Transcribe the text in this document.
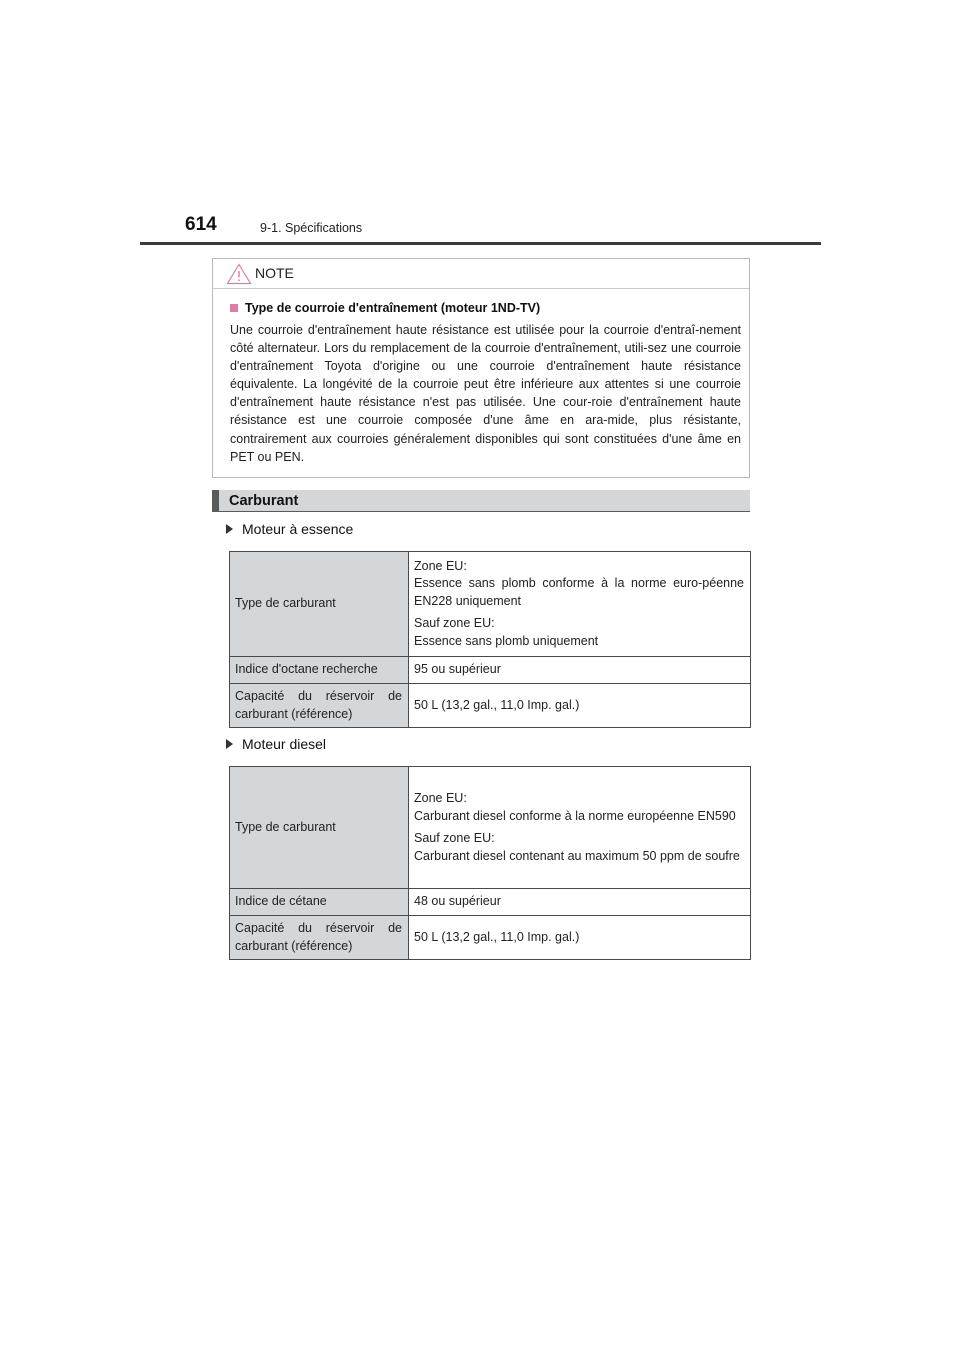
614	9-1. Spécifications
NOTE
Type de courroie d'entraînement (moteur 1ND-TV)
Une courroie d'entraînement haute résistance est utilisée pour la courroie d'entraî-nement côté alternateur. Lors du remplacement de la courroie d'entraînement, utili-sez une courroie d'entraînement Toyota d'origine ou une courroie d'entraînement haute résistance équivalente. La longévité de la courroie peut être inférieure aux attentes si une courroie d'entraînement haute résistance n'est pas utilisée. Une cour-roie d'entraînement haute résistance est une courroie composée d'une âme en ara-mide, plus résistante, contrairement aux courroies généralement disponibles qui sont constituées d'une âme en PET ou PEN.
Carburant
Moteur à essence
Type de carburant	Zone EU:
Essence sans plomb conforme à la norme euro-péenne EN228 uniquement

Sauf zone EU:
Essence sans plomb uniquement

Indice d'octane recherche	95 ou supérieur
Capacité du réservoir de carburant (référence)	50 L (13,2 gal., 11,0 Imp. gal.)
Moteur diesel
Type de carburant	Zone EU:
Carburant diesel conforme à la norme européenne EN590

Sauf zone EU:
Carburant diesel contenant au maximum 50 ppm de soufre

Indice de cétane	48 ou supérieur
Capacité du réservoir de carburant (référence)	50 L (13,2 gal., 11,0 Imp. gal.)
